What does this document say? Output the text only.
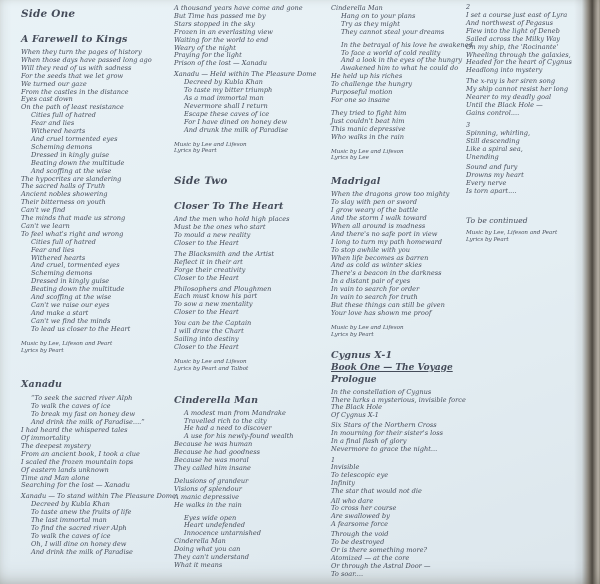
Side One
A Farewell to Kings
When they turn the pages of history
When those days have passed long ago
Will they read of us with sadness
For the seeds that we let grow
We turned our gaze
From the castles in the distance
Eyes cast down
On the path of least resistance
Cities full of hatred
Fear and lies
Withered hearts
And cruel tormented eyes
Scheming demons
Dressed in kingly guise
Beating down the multitude
And scoffing at the wise
The hypocrites are slandering
The sacred halls of Truth
Ancient nobles showering
Their bitterness on youth
Can't we find
The minds that made us strong
Can't we learn
To feel what's right and wrong
Cities full of hatred
Fear and lies
Withered hearts
And cruel, tormented eyes
Scheming demons
Dressed in kingly guise
Beating down the multitude
And scoffing at the wise
Can't we raise our eyes
And make a start
Can't we find the minds
To lead us closer to the Heart
Music by Lee, Lifeson and Peart
Lyrics by Peart
Xanadu
“To seek the sacred river Alph
To walk the caves of ice
To break my fast on honey dew
And drink the milk of Paradise....”
I had heard the whispered tales
Of immortality
The deepest mystery
From an ancient book, I took a clue
I scaled the frozen mountain tops
Of eastern lands unknown
Time and Man alone
Searching for the lost — Xanadu
Xanadu — To stand within The Pleasure Dome
Decreed by Kubla Khan
To taste anew the fruits of life
The last immortal man
To find the sacred river Alph
To walk the caves of ice
Oh, I will dine on honey dew
And drink the milk of Paradise
A thousand years have come and gone
But Time has passed me by
Stars stopped in the sky
Frozen in an everlasting view
Waiting for the world to end
Weary of the night
Praying for the light
Prison of the lost — Xanadu
Xanadu — Held within The Pleasure Dome
Decreed by Kubla Khan
To taste my bitter triumph
As a mad immortal man
Nevermore shall I return
Escape these caves of ice
For I have dined on honey dew
And drunk the milk of Paradise
Music by Lee and Lifeson
Lyrics by Peart
Side Two
Closer To The Heart
And the men who hold high places
Must be the ones who start
To mould a new reality
Closer to the Heart
The Blacksmith and the Artist
Reflect it in their art
Forge their creativity
Closer to the Heart
Philosophers and Ploughmen
Each must know his part
To sow a new mentality
Closer to the Heart
You can be the Captain
I will draw the Chart
Sailing into destiny
Closer to the Heart
Music by Lee and Lifeson
Lyrics by Peart and Talbot
Cinderella Man
A modest man from Mandrake
Travelled rich to the city
He had a need to discover
A use for his newly-found wealth
Because he was human
Because he had goodness
Because he was moral
They called him insane
Delusions of grandeur
Visions of splendour
A manic depressive
He walks in the rain
Eyes wide open
Heart undefended
Innocence untarnished
Cinderella Man
Doing what you can
They can't understand
What it means
Cinderella Man
Hang on to your plans
Try as they might
They cannot steal your dreams
In the betrayal of his love he awakened
To face a world of cold reality
And a look in the eyes of the hungry
Awakened him to what he could do
He held up his riches
To challenge the hungry
Purposeful motion
For one so insane
They tried to fight him
Just couldn't beat him
This manic depressive
Who walks in the rain
Music by Lee and Lifeson
Lyrics by Lee
Madrigal
When the dragons grow too mighty
To slay with pen or sword
I grow weary of the battle
And the storm I walk toward
When all around is madness
And there's no safe port in view
I long to turn my path homeward
To stop awhile with you
When life becomes as barren
And as cold as winter skies
There's a beacon in the darkness
In a distant pair of eyes
In vain to search for order
In vain to search for truth
But these things can still be given
Your love has shown me proof
Music by Lee and Lifeson
Lyrics by Peart
Cygnus X-1
Book One — The Voyage
Prologue
In the constellation of Cygnus
There lurks a mysterious, invisible force
The Black Hole
Of Cygnus X-1
Six Stars of the Northern Cross
In mourning for their sister's loss
In a final flash of glory
Nevermore to grace the night...
1
Invisible
To telescopic eye
Infinity
The star that would not die
All who dare
To cross her course
Are swallowed by
A fearsome force
Through the void
To be destroyed
Or is there something more?
Atomized — at the core
Or through the Astral Door —
To soar....
2
I set a course just east of Lyra
And northwest of Pegasus
Flew into the light of Deneb
Sailed across the Milky Way
On my ship, the 'Rocinante'
Wheeling through the galaxies,
Headed for the heart of Cygnus
Headlong into mystery
The x-ray is her siren song
My ship cannot resist her long
Nearer to my deadly goal
Until the Black Hole —
Gains control....
3
Spinning, whirling,
Still descending
Like a spiral sea,
Unending
Sound and fury
Drowns my heart
Every nerve
Is torn apart....
To be continued
Music by Lee, Lifeson and Peart
Lyrics by Peart
